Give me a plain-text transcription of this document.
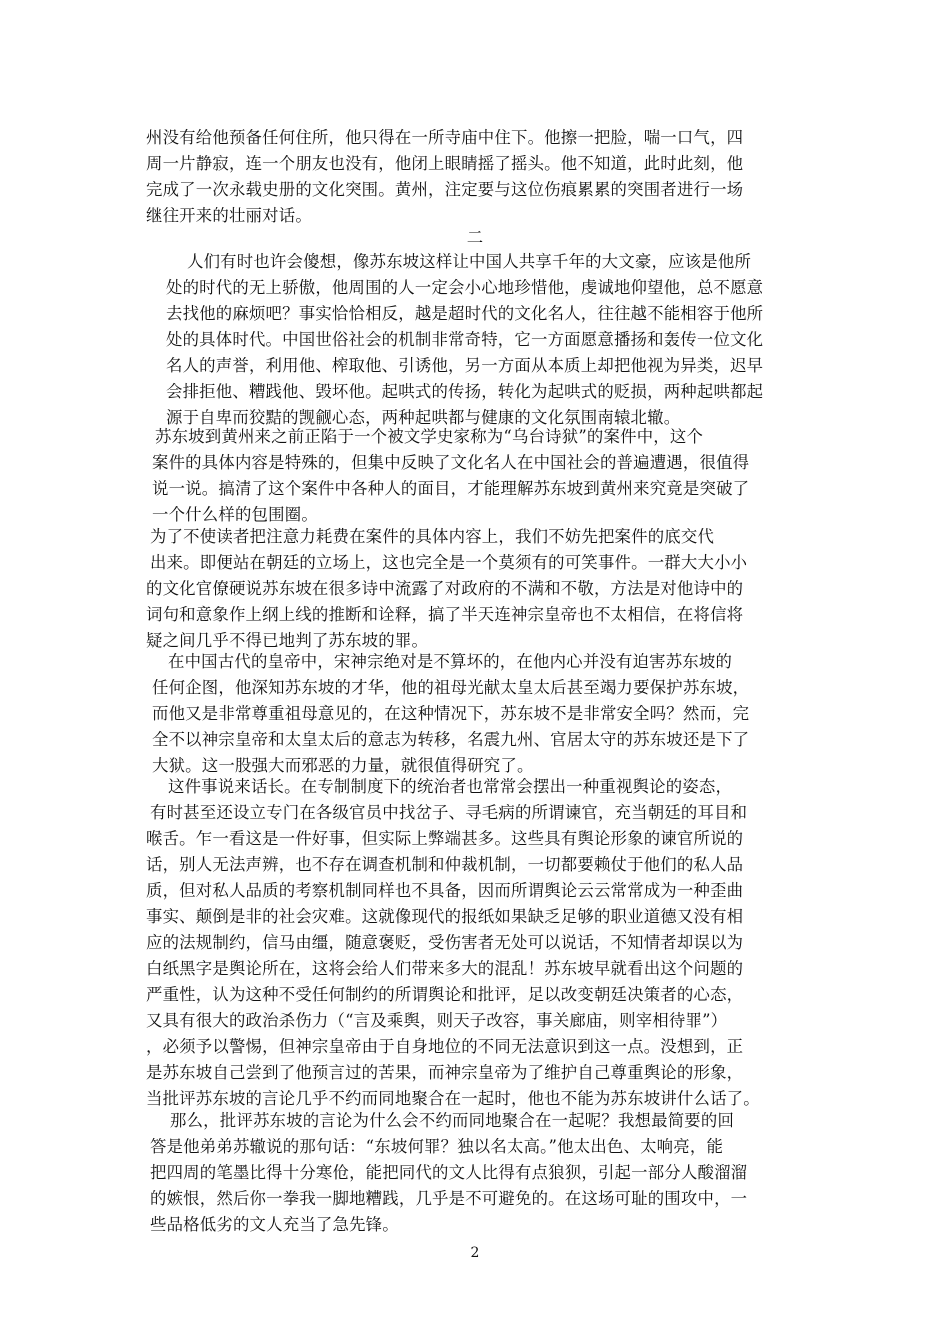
州没有给他预备任何住所，他只得在一所寺庙中住下。他擦一把脸，喘一口气，四
周一片静寂，连一个朋友也没有，他闭上眼睛摇了摇头。他不知道，此时此刻，他
完成了一次永载史册的文化突围。黄州，注定要与这位伤痕累累的突围者进行一场
继往开来的壮丽对话。
二
人们有时也许会傻想，像苏东坡这样让中国人共享千年的大文豪，应该是他所
处的时代的无上骄傲，他周围的人一定会小心地珍惜他，虔诚地仰望他，总不愿意
去找他的麻烦吧？事实恰恰相反，越是超时代的文化名人，往往越不能相容于他所
处的具体时代。中国世俗社会的机制非常奇特，它一方面愿意播扬和轰传一位文化
名人的声誉，利用他、榨取他、引诱他，另一方面从本质上却把他视为异类，迟早
会排拒他、糟践他、毁坏他。起哄式的传扬，转化为起哄式的贬损，两种起哄都起
源于自卑而狡黠的觊觎心态，两种起哄都与健康的文化氛围南辕北辙。
苏东坡到黄州来之前正陷于一个被文学史家称为“乌台诗狱”的案件中，这个
案件的具体内容是特殊的，但集中反映了文化名人在中国社会的普遍遭遇，很值得
说一说。搞清了这个案件中各种人的面目，才能理解苏东坡到黄州来究竟是突破了
一个什么样的包围圈。
为了不使读者把注意力耗费在案件的具体内容上，我们不妨先把案件的底交代
出来。即便站在朝廷的立场上，这也完全是一个莫须有的可笑事件。一群大大小小
的文化官僚硬说苏东坡在很多诗中流露了对政府的不满和不敬，方法是对他诗中的
词句和意象作上纲上线的推断和诠释，搞了半天连神宗皇帝也不太相信，在将信将
疑之间几乎不得已地判了苏东坡的罪。
在中国古代的皇帝中，宋神宗绝对是不算坏的，在他内心并没有迫害苏东坡的
任何企图，他深知苏东坡的才华，他的祖母光献太皇太后甚至竭力要保护苏东坡，
而他又是非常尊重祖母意见的，在这种情况下，苏东坡不是非常安全吗？然而，完
全不以神宗皇帝和太皇太后的意志为转移，名震九州、官居太守的苏东坡还是下了
大狱。这一股强大而邪恶的力量，就很值得研究了。
这件事说来话长。在专制制度下的统治者也常常会摆出一种重视舆论的姿态，
有时甚至还设立专门在各级官员中找岔子、寻毛病的所谓谏官，充当朝廷的耳目和
喉舌。乍一看这是一件好事，但实际上弊端甚多。这些具有舆论形象的谏官所说的
话，别人无法声辨，也不存在调查机制和仲裁机制，一切都要赖仗于他们的私人品
质，但对私人品质的考察机制同样也不具备，因而所谓舆论云云常常成为一种歪曲
事实、颠倒是非的社会灾难。这就像现代的报纸如果缺乏足够的职业道德又没有相
应的法规制约，信马由缰，随意褒贬，受伤害者无处可以说话，不知情者却误以为
白纸黑字是舆论所在，这将会给人们带来多大的混乱！苏东坡早就看出这个问题的
严重性，认为这种不受任何制约的所谓舆论和批评，足以改变朝廷决策者的心态，
又具有很大的政治杀伤力（“言及乘舆，则天子改容，事关廊庙，则宰相待罪”）
，必须予以警惕，但神宗皇帝由于自身地位的不同无法意识到这一点。没想到，正
是苏东坡自己尝到了他预言过的苦果，而神宗皇帝为了维护自己尊重舆论的形象，
当批评苏东坡的言论几乎不约而同地聚合在一起时，他也不能为苏东坡讲什么话了。
那么，批评苏东坡的言论为什么会不约而同地聚合在一起呢？我想最简要的回
答是他弟弟苏辙说的那句话：“东坡何罪？独以名太高。”他太出色、太响亮，能
把四周的笔墨比得十分寒伧，能把同代的文人比得有点狼狈，引起一部分人酸溜溜
的嫉恨，然后你一拳我一脚地糟践，几乎是不可避免的。在这场可耻的围攻中，一
些品格低劣的文人充当了急先锋。
2
